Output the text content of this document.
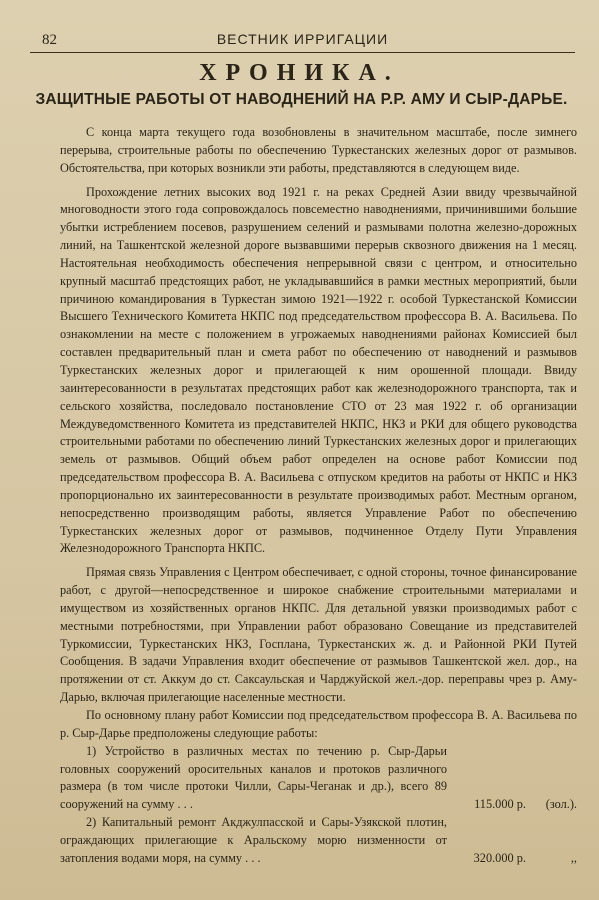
82	ВЕСТНИК ИРРИГАЦИИ
ХРОНИКА.
ЗАЩИТНЫЕ РАБОТЫ ОТ НАВОДНЕНИЙ НА Р.Р. АМУ И СЫР-ДАРЬЕ.

С конца марта текущего года возобновлены в значительном масштабе, после зимнего перерыва, строительные работы по обеспечению Туркестанских железных дорог от размывов. Обстоятельства, при которых возникли эти работы, представляются в следующем виде.

Прохождение летних высоких вод 1921 г. на реках Средней Азии ввиду чрезвычайной многоводности этого года сопровождалось повсеместно наводнениями, причинившими большие убытки истреблением посевов, разрушением селений и размывами полотна железно-дорожных линий, на Ташкентской железной дороге вызвавшими перерыв сквозного движения на 1 месяц. Настоятельная необходимость обеспечения непрерывной связи с центром, и относительно крупный масштаб предстоящих работ, не укладывавшийся в рамки местных мероприятий, были причиною командирования в Туркестан зимою 1921—1922 г. особой Туркестанской Комиссии Высшего Технического Комитета НКПС под председательством профессора В. А. Васильева. По ознакомлении на месте с положением в угрожаемых наводнениями районах Комиссией был составлен предварительный план и смета работ по обеспечению от наводнений и размывов Туркестанских железных дорог и прилегающей к ним орошенной площади. Ввиду заинтересованности в результатах предстоящих работ как железнодорожного транспорта, так и сельского хозяйства, последовало постановление СТО от 23 мая 1922 г. об организации Междуведомственного Комитета из представителей НКПС, НКЗ и РКИ для общего руководства строительными работами по обеспечению линий Туркестанских железных дорог и прилегающих земель от размывов. Общий объем работ определен на основе работ Комиссии под председательством профессора В. А. Васильева с отпуском кредитов на работы от НКПС и НКЗ пропорционально их заинтересованности в результате производимых работ. Местным органом, непосредственно производящим работы, является Управление Работ по обеспечению Туркестанских железных дорог от размывов, подчиненное Отделу Пути Управления Железнодорожного Транспорта НКПС.

Прямая связь Управления с Центром обеспечивает, с одной стороны, точное финансирование работ, с другой—непосредственное и широкое снабжение строительными материалами и имуществом из хозяйственных органов НКПС. Для детальной увязки производимых работ с местными потребностями, при Управлении работ образовано Совещание из представителей Туркомиссии, Туркестанских НКЗ, Госплана, Туркестанских ж. д. и Районной РКИ Путей Сообщения. В задачи Управления входит обеспечение от размывов Ташкентской жел. дор., на протяжении от ст. Аккум до ст. Саксаульская и Чарджуйской жел.-дор. переправы чрез р. Аму-Дарью, включая прилегающие населенные местности.

По основному плану работ Комиссии под председательством профессора В. А. Васильева по р. Сыр-Дарье предположены следующие работы:

1) Устройство в различных местах по течению р. Сыр-Дарьи головных сооружений оросительных каналов и протоков различного размера (в том числе протоки Чилли, Сары-Чеганак и др.), всего 89 сооружений на сумму . . .	115.000 р. (зол.).
2) Капитальный ремонт Акджулпасской и Сары-Узякской плотин, ограждающих прилегающие к Аральскому морю низменности от затопления водами моря, на сумму . . .	320.000 р.	,,
